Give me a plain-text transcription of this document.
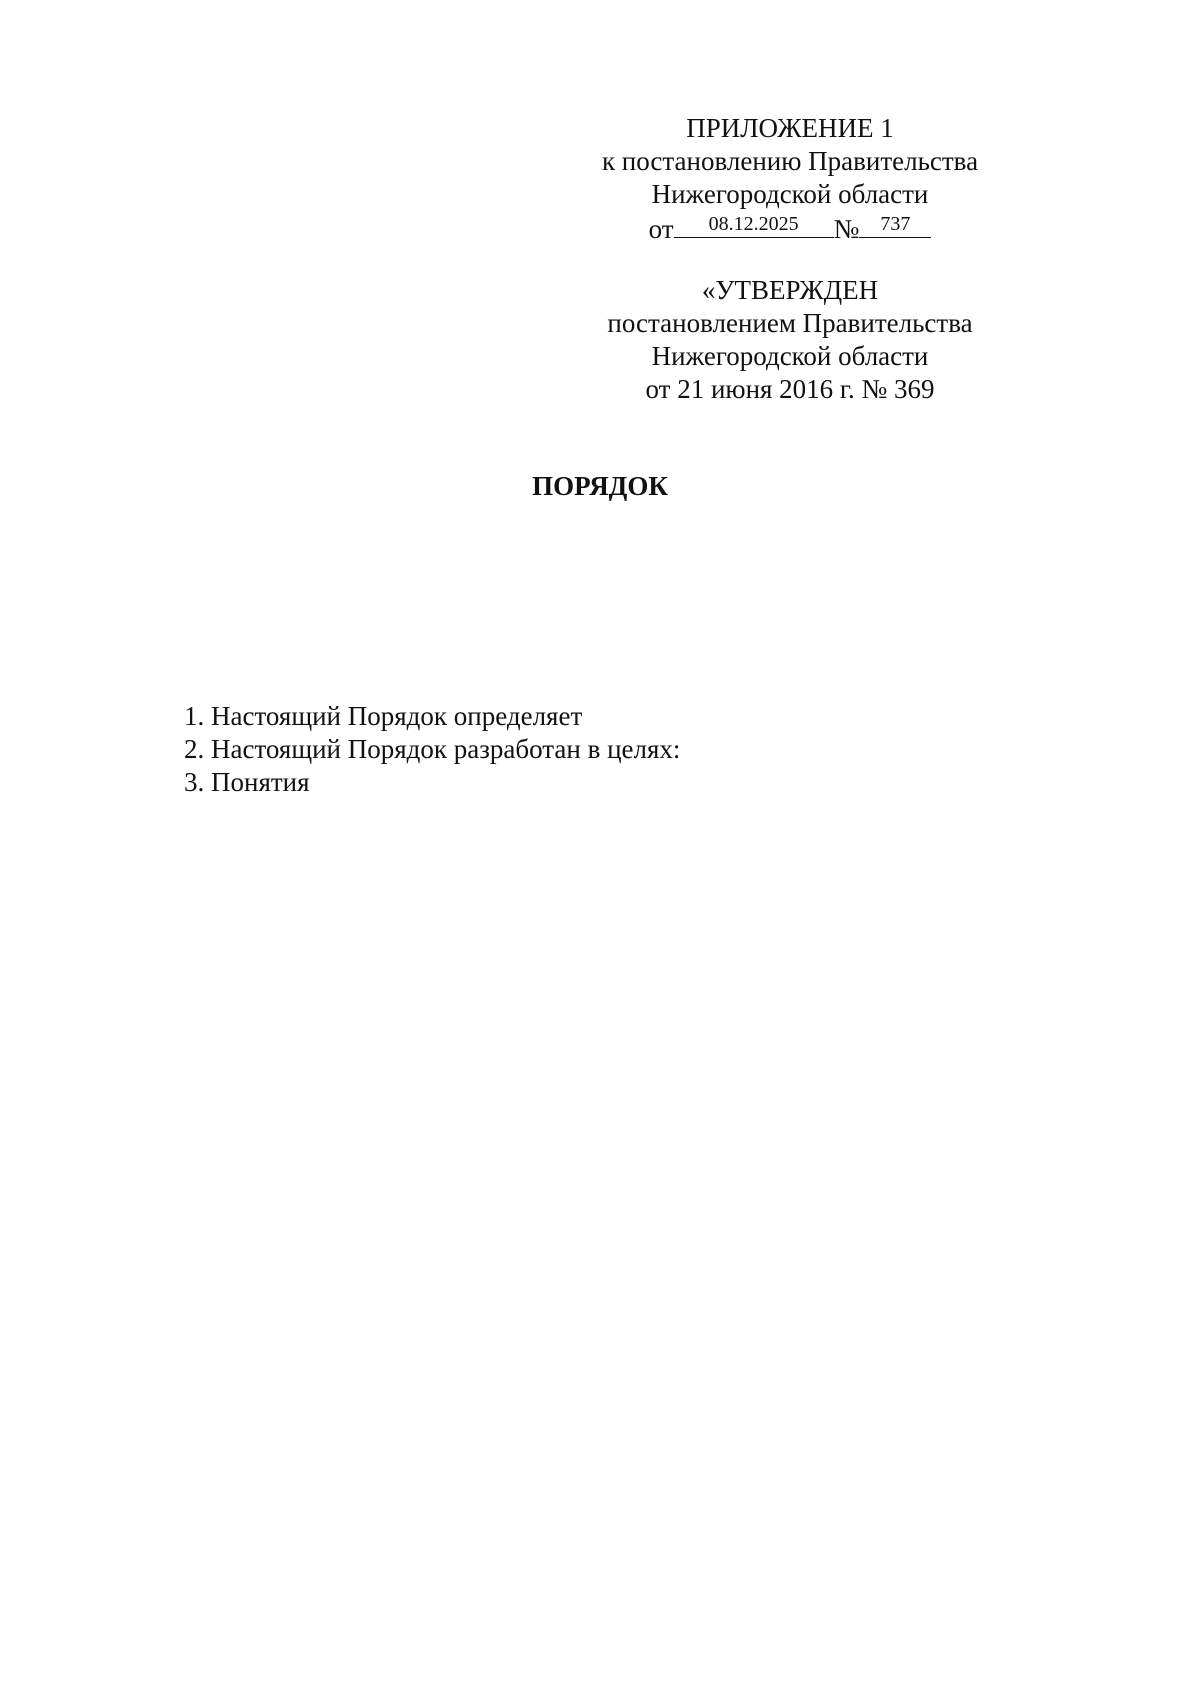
ПРИЛОЖЕНИЕ 1
к постановлению Правительства
Нижегородской области
от	08.12.2025	№	737
«УТВЕРЖДЕН
постановлением Правительства
Нижегородской области
от 21 июня 2016 г. № 369
ПОРЯДОК

1. Настоящий Порядок определяет

2. Настоящий Порядок разработан в целях:

3. Понятия
